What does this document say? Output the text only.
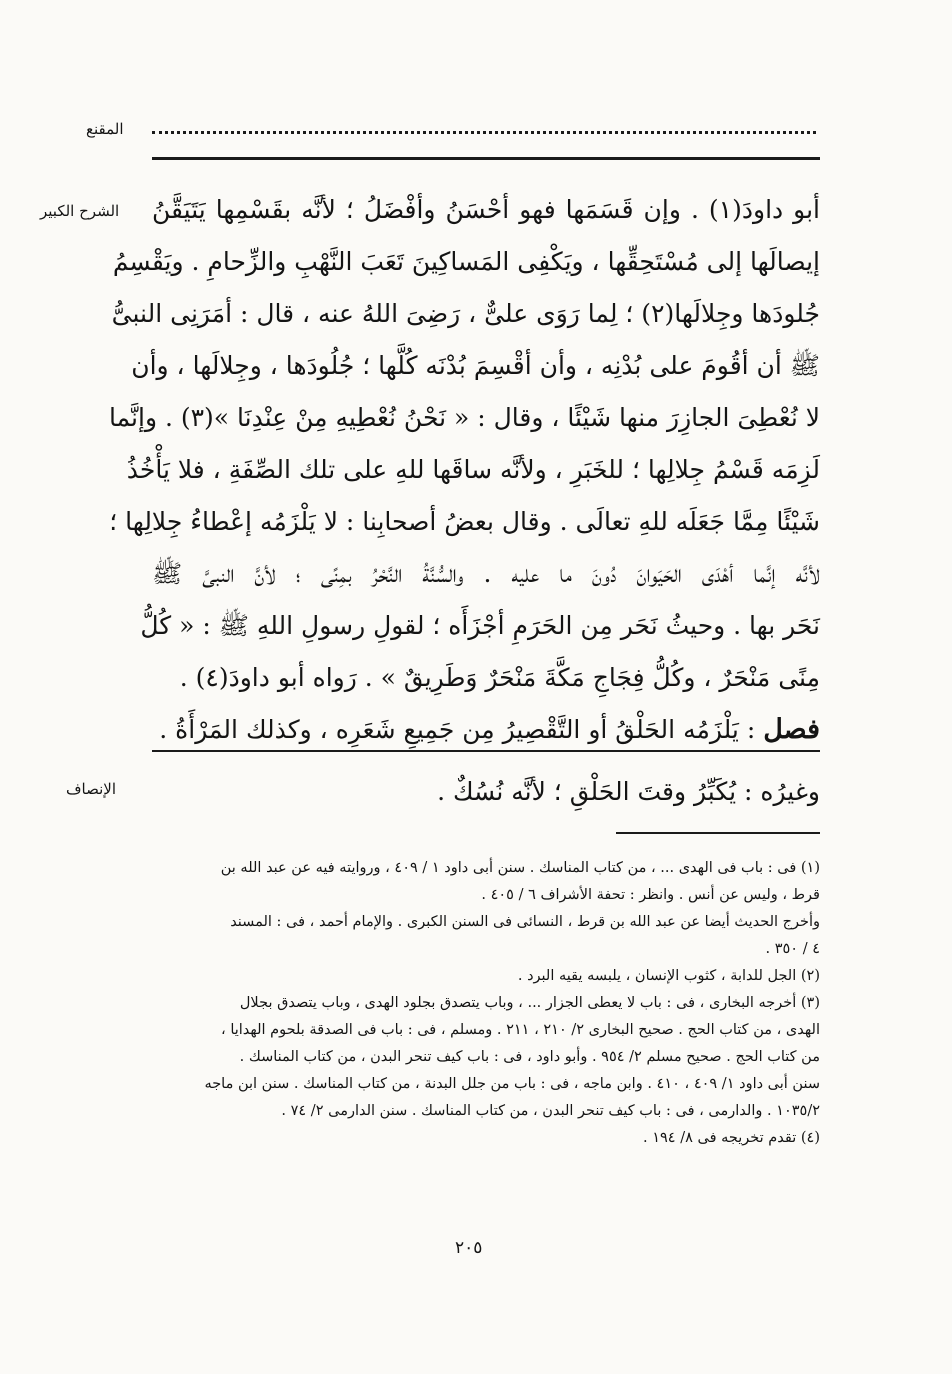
المقنع
الشرح الكبير
الإنصاف
أبو داودَ(١) . وإن قَسَمَها فهو أحْسَنُ وأفْضَلُ ؛ لأنَّه بقَسْمِها يَتَيَقَّنُ
إيصالَها إلى مُسْتَحِقِّها ، ويَكْفِى المَساكِينَ تَعَبَ النَّهْبِ والزِّحامِ . ويَقْسِمُ
جُلودَها وجِلالَها(٢) ؛ لِما رَوَى علىٌّ ، رَضِىَ اللهُ عنه ، قال : أمَرَنِى النبىُّ
ﷺ أن أقُومَ على بُدْنِه ، وأن أقْسِمَ بُدْنَه كُلَّها ؛ جُلُودَها ، وجِلالَها ، وأن
لا نُعْطِىَ الجازِرَ منها شَيْئًا ، وقال : « نَحْنُ نُعْطِيهِ مِنْ عِنْدِنَا »(٣) . وإنَّما
لَزِمَه قَسْمُ جِلالِها ؛ للخَبَرِ ، ولأنَّه ساقَها للهِ على تلك الصِّفَةِ ، فلا يَأْخُذُ
شَيْئًا مِمَّا جَعَلَه للهِ تعالَى . وقال بعضُ أصحابِنا : لا يَلْزَمُه إعْطاءُ جِلالِها ؛
لأنَّه إنَّما أهْدَى الحَيَوانَ دُونَ ما عليه . والسُّنَّةُ النَّحْرُ بمِنًى ؛ لأنَّ النبىَّ ﷺ
نَحَر بها . وحيثُ نَحَر مِن الحَرَمِ أجْزَأَه ؛ لقولِ رسولِ اللهِ ﷺ : « كُلُّ
مِنًى مَنْحَرٌ ، وكُلُّ فِجَاجِ مَكَّةَ مَنْحَرٌ وَطَرِيقٌ » . رَواه أبو داودَ(٤) .
فصل : يَلْزَمُه الحَلْقُ أو التَّقْصِيرُ مِن جَمِيعِ شَعَرِه ، وكذلك المَرْأَةُ .
وغيرُه : يُكَبِّرُ وقتَ الحَلْقِ ؛ لأنَّه نُسُكٌ .
(١) فى : باب فى الهدى ... ، من كتاب المناسك . سنن أبى داود ١ / ٤٠٩ ، وروايته فيه عن عبد الله بن
قرط ، وليس عن أنس . وانظر : تحفة الأشراف ٦ / ٤٠٥ .
وأخرج الحديث أيضا عن عبد الله بن قرط ، النسائى فى السنن الكبرى . والإمام أحمد ، فى : المسند
٤ / ٣٥٠ .
(٢) الجل للدابة ، كثوب الإنسان ، يلبسه يقيه البرد .
(٣) أخرجه البخارى ، فى : باب لا يعطى الجزار ... ، وباب يتصدق بجلود الهدى ، وباب يتصدق بجلال
الهدى ، من كتاب الحج . صحيح البخارى ٢/ ٢١٠ ، ٢١١ . ومسلم ، فى : باب فى الصدقة بلحوم الهدايا ،
من كتاب الحج . صحيح مسلم ٢/ ٩٥٤ . وأبو داود ، فى : باب كيف تنحر البدن ، من كتاب المناسك .
سنن أبى داود ١/ ٤٠٩ ، ٤١٠ . وابن ماجه ، فى : باب من جلل البدنة ، من كتاب المناسك . سنن ابن ماجه
١٠٣٥/٢ . والدارمى ، فى : باب كيف تنحر البدن ، من كتاب المناسك . سنن الدارمى ٢/ ٧٤ .
(٤) تقدم تخريجه فى ٨/ ١٩٤ .
٢٠٥
